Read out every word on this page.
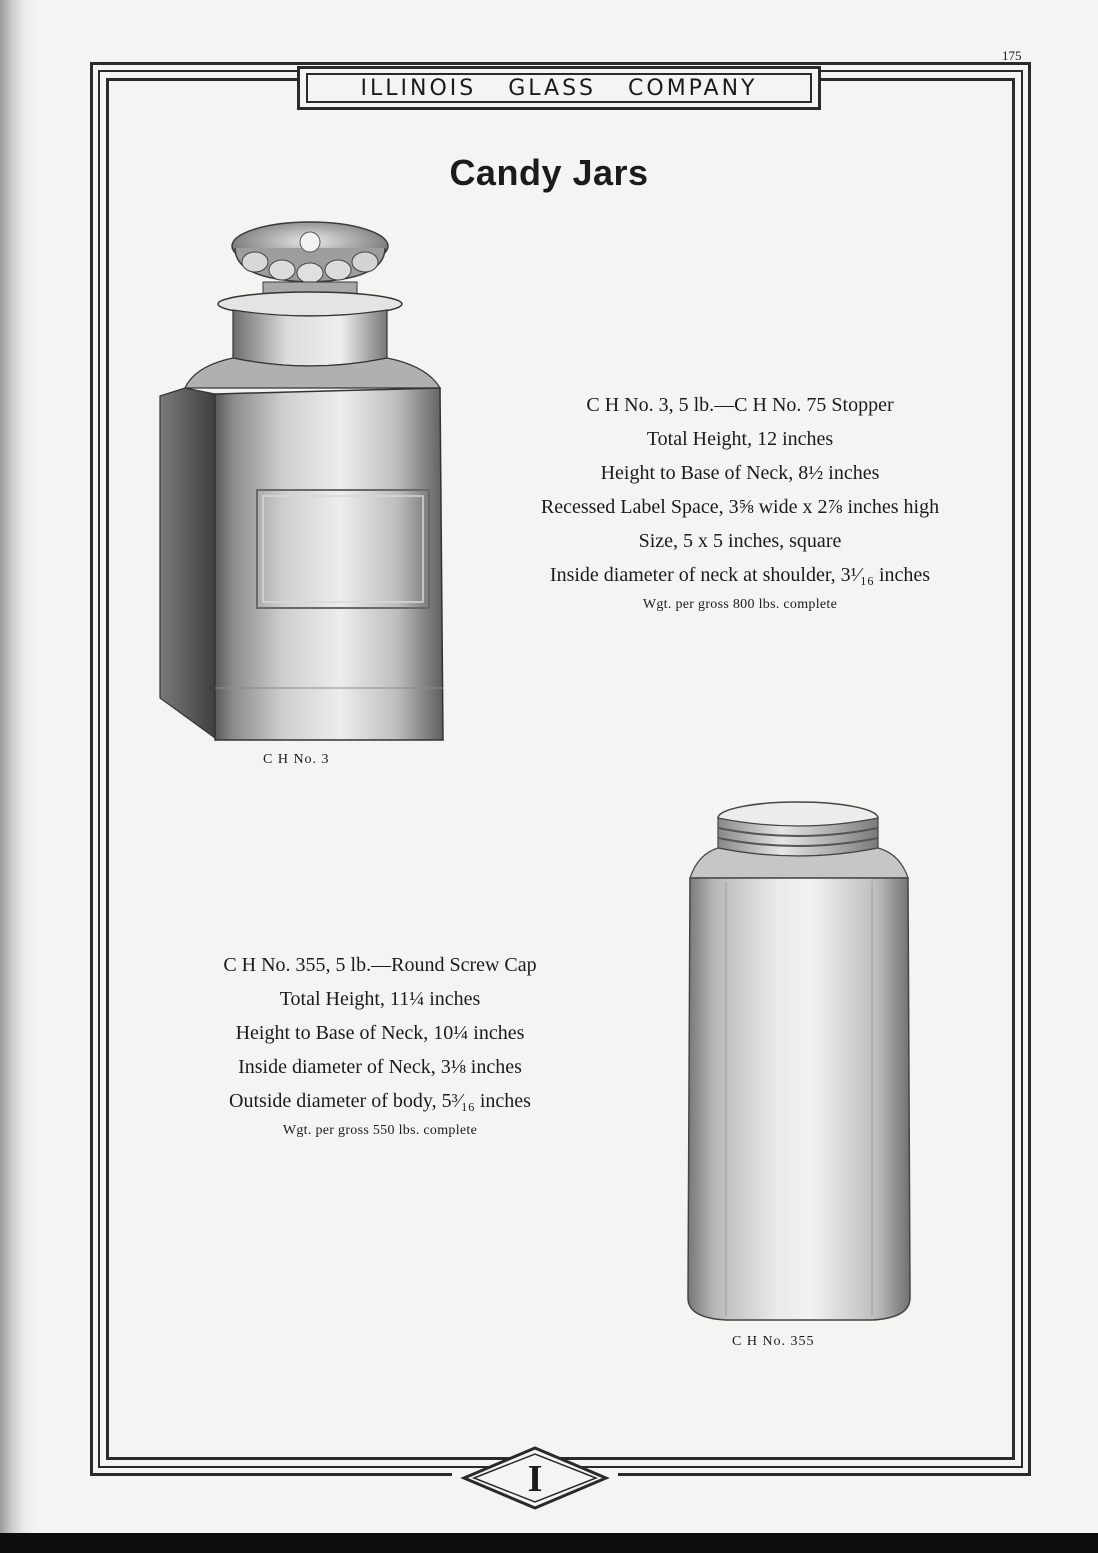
175
ILLINOIS GLASS COMPANY
Candy Jars
C H No. 3, 5 lb.—C H No. 75 Stopper
Total Height, 12 inches
Height to Base of Neck, 8½ inches
Recessed Label Space, 3⅝ wide x 2⅞ inches high
Size, 5 x 5 inches, square
Inside diameter of neck at shoulder, 3¹⁄₁₆ inches
Wgt. per gross 800 lbs. complete
C H No. 3
C H No. 355, 5 lb.—Round Screw Cap
Total Height, 11¼ inches
Height to Base of Neck, 10¼ inches
Inside diameter of Neck, 3⅛ inches
Outside diameter of body, 5³⁄₁₆ inches
Wgt. per gross 550 lbs. complete
C H No. 355
I
